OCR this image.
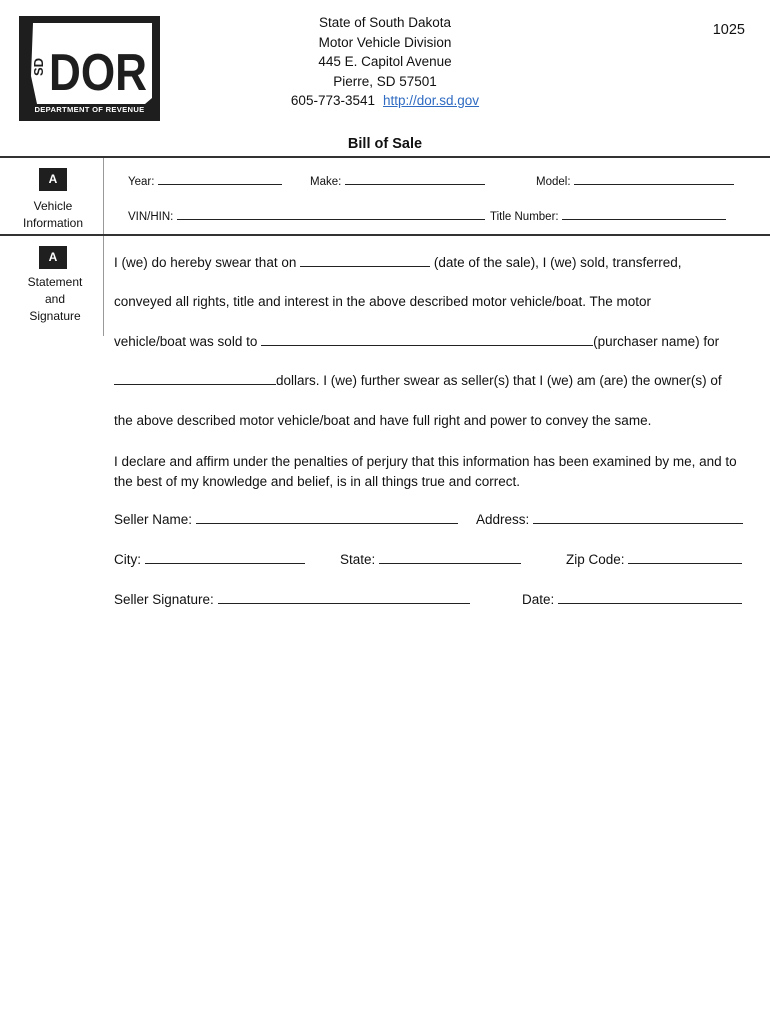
SD DOR
DEPARTMENT OF REVENUE
State of South Dakota
Motor Vehicle Division
445 E. Capitol Avenue
Pierre, SD 57501
605-773-3541 http://dor.sd.gov
1025
Bill of Sale
A
Vehicle
Information
Year:	Make:	Model:
VIN/HIN:	Title Number:
A
Statement
and
Signature
I (we) do hereby swear that on	(date of the sale), I (we) sold, transferred,
conveyed all rights, title and interest in the above described motor vehicle/boat. The motor
vehicle/boat was sold to	(purchaser name) for
dollars. I (we) further swear as seller(s) that I (we) am (are) the owner(s) of
the above described motor vehicle/boat and have full right and power to convey the same.
I declare and affirm under the penalties of perjury that this information has been examined by me, and to the best of my knowledge and belief, is in all things true and correct.
Seller Name:	Address:
City:	State:	Zip Code:
Seller Signature:	Date:
